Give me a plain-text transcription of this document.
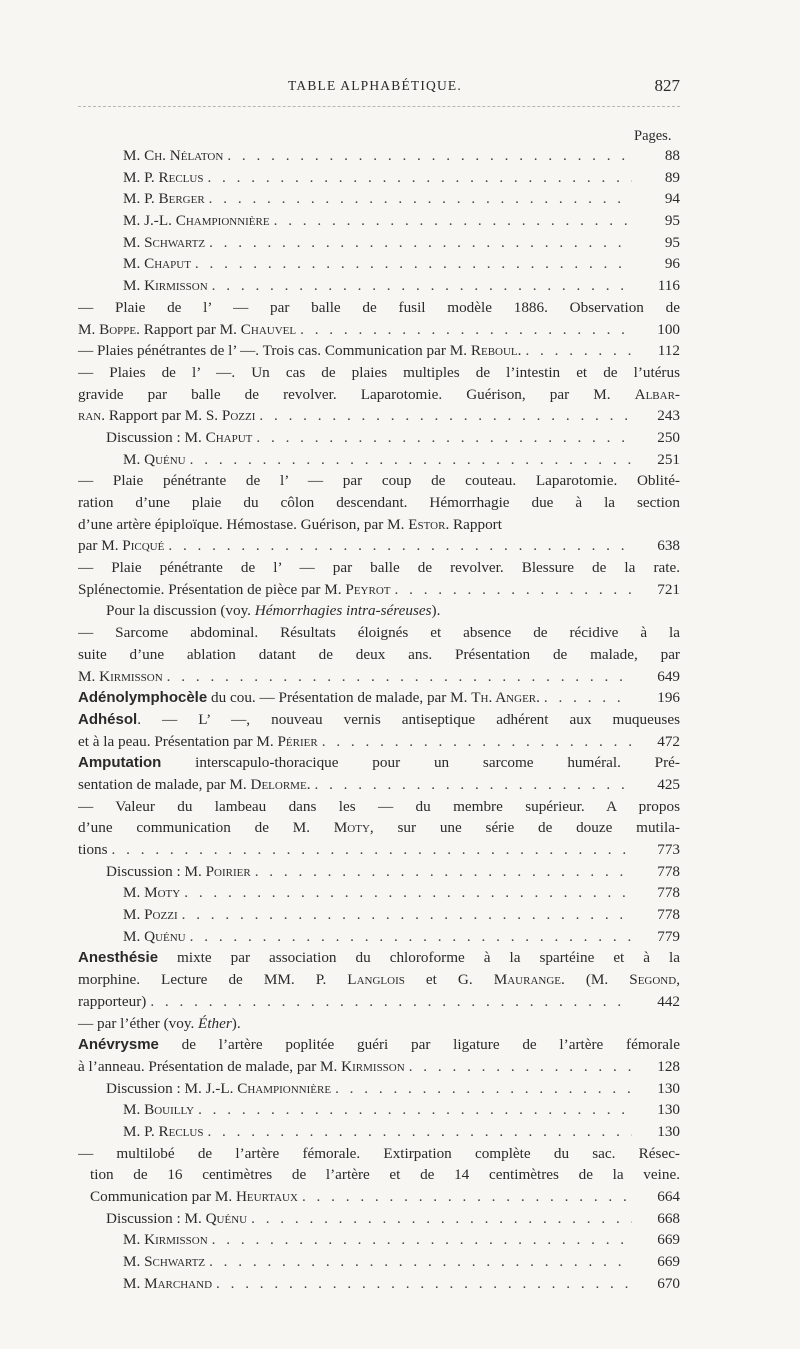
TABLE ALPHABÉTIQUE.	827
Pages.
M. Ch. Nélaton . . .	88
M. P. Reclus . . .	89
M. P. Berger . . .	94
M. J.-L. Championnière . . .	95
M. Schwartz . . .	95
M. Chaput . . .	96
M. Kirmisson . . .	116
— Plaie de l’ — par balle de fusil modèle 1886. Observation de
M. Boppe. Rapport par M. Chauvel . . .	100
— Plaies pénétrantes de l’ —. Trois cas. Communication par M. Reboul. . . .	112
— Plaies de l’ —. Un cas de plaies multiples de l’intestin et de l’utérus
gravide par balle de revolver. Laparotomie. Guérison, par M. Albar-
ran. Rapport par M. S. Pozzi . . .	243
Discussion : M. Chaput . . .	250
M. Quénu . . .	251
— Plaie pénétrante de l’ — par coup de couteau. Laparotomie. Oblité-
ration d’une plaie du côlon descendant. Hémorrhagie due à la section
d’une artère épiploïque. Hémostase. Guérison, par M. Estor. Rapport
par M. Picqué . . .	638
— Plaie pénétrante de l’ — par balle de revolver. Blessure de la rate.
Splénectomie. Présentation de pièce par M. Peyrot . . .	721
Pour la discussion (voy. Hémorrhagies intra-séreuses).
— Sarcome abdominal. Résultats éloignés et absence de récidive à la
suite d’une ablation datant de deux ans. Présentation de malade, par
M. Kirmisson . . .	649
Adénolymphocèle du cou. — Présentation de malade, par M. Th. Anger. . . .	196
Adhésol. — L’ —, nouveau vernis antiseptique adhérent aux muqueuses
et à la peau. Présentation par M. Périer . . .	472
Amputation interscapulo-thoracique pour un sarcome huméral. Pré-
sentation de malade, par M. Delorme. . . .	425
— Valeur du lambeau dans les — du membre supérieur. A propos
d’une communication de M. Moty, sur une série de douze mutila-
tions . . .	773
Discussion : M. Poirier . . .	778
M. Moty . . .	778
M. Pozzi . . .	778
M. Quénu . . .	779
Anesthésie mixte par association du chloroforme à la spartéine et à la
morphine. Lecture de MM. P. Langlois et G. Maurange. (M. Segond,
rapporteur) . . .	442
— par l’éther (voy. Éther).
Anévrysme de l’artère poplitée guéri par ligature de l’artère fémorale
à l’anneau. Présentation de malade, par M. Kirmisson . . .	128
Discussion : M. J.-L. Championnière . . .	130
M. Bouilly . . .	130
M. P. Reclus . . .	130
— multilobé de l’artère fémorale. Extirpation complète du sac. Résec-
tion de 16 centimètres de l’artère et de 14 centimètres de la veine.
Communication par M. Heurtaux . . .	664
Discussion : M. Quénu . . .	668
M. Kirmisson . . .	669
M. Schwartz . . .	669
M. Marchand . . .	670
